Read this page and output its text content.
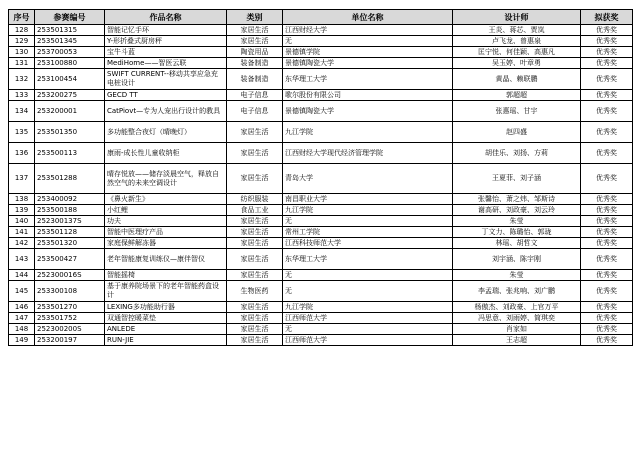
序号	参赛编号	作品名称	类别	单位名称	设计师	拟获奖
128	253501315	智能记忆手环	家居生活	江西财经大学	王炎、蒋芯、贾岚	优秀奖
129	253501345	Y-形折叠式厨房秤	家居生活	无	卢飞龙、曾惠泉	优秀奖
130	253700053	宝牛斗蓝	陶瓷用品	景德镇学院	匡宁悦、何佳颖、高惠凡	优秀奖
131	253100880	MediHome——智医云联	装备制造	景德镇陶瓷大学	吴玉婷、叶章勇	优秀奖
132	253100454	SWIFT CURRENT--移动共享应急充电桩设计	装备制造	东华理工大学	黄晶、赖联鹏	优秀奖
133	253200275	GECD TT	电子信息	歌尔股份有限公司	郭超超	优秀奖
134	253200001	CatPiovt—专为人宠出行设计的教具	电子信息	景德镇陶瓷大学	张惠瑶、甘宇	优秀奖
135	253501350	多功能整合夜灯（晴晚灯）	家居生活	九江学院	赵四盛	优秀奖
136	253500113	康雨-成长性儿童收纳柜	家居生活	江西财经大学现代经济管理学院	胡佳乐、刘扬、方莉	优秀奖
137	253501288	晴存悦放——储存淡晨空气，释放自然空气的未来空调设计	家居生活	青岛大学	王夏菲、刘子涵	优秀奖
138	253400092	《鼻火新生》	纺织服装	南昌职业大学	张馨怡、萧之炜、邹斯诗	优秀奖
139	253500188	小红鲤	食品工业	九江学院	谢高研、刘政豪、刘云玲	优秀奖
140	252300137S	功夫	家居生活	无	朱莹	优秀奖
141	253501128	智能中医理疗产品	家居生活	常州工学院	丁文力、陈璐怡、郭珑	优秀奖
142	253501320	家庭保鲜解冻器	家居生活	江西科技师范大学	林瑶、胡哲文	优秀奖
143	253500427	老年智能康复训练仪—康伴智仪	家居生活	东华理工大学	刘宇涵、陈宇刚	优秀奖
144	252300016S	智能摇椅	家居生活	无	朱莹	优秀奖
145	253300108	基于康养院场景下的老年智能药盒设计	生物医药	无	李孟瑞、张兆响、刘广鹏	优秀奖
146	253501270	LEXING多功能助行器	家居生活	九江学院	杨傲杰、刘政豪、上官万平	优秀奖
147	253501752	双通智控暖菜垫	家居生活	江西师范大学	冯思意、刘雨婷、简琪奕	优秀奖
148	252300200S	ANLEDE	家居生活	无	肖家如	优秀奖
149	253200197	RUN-JIE	家居生活	江西师范大学	王志超	优秀奖
